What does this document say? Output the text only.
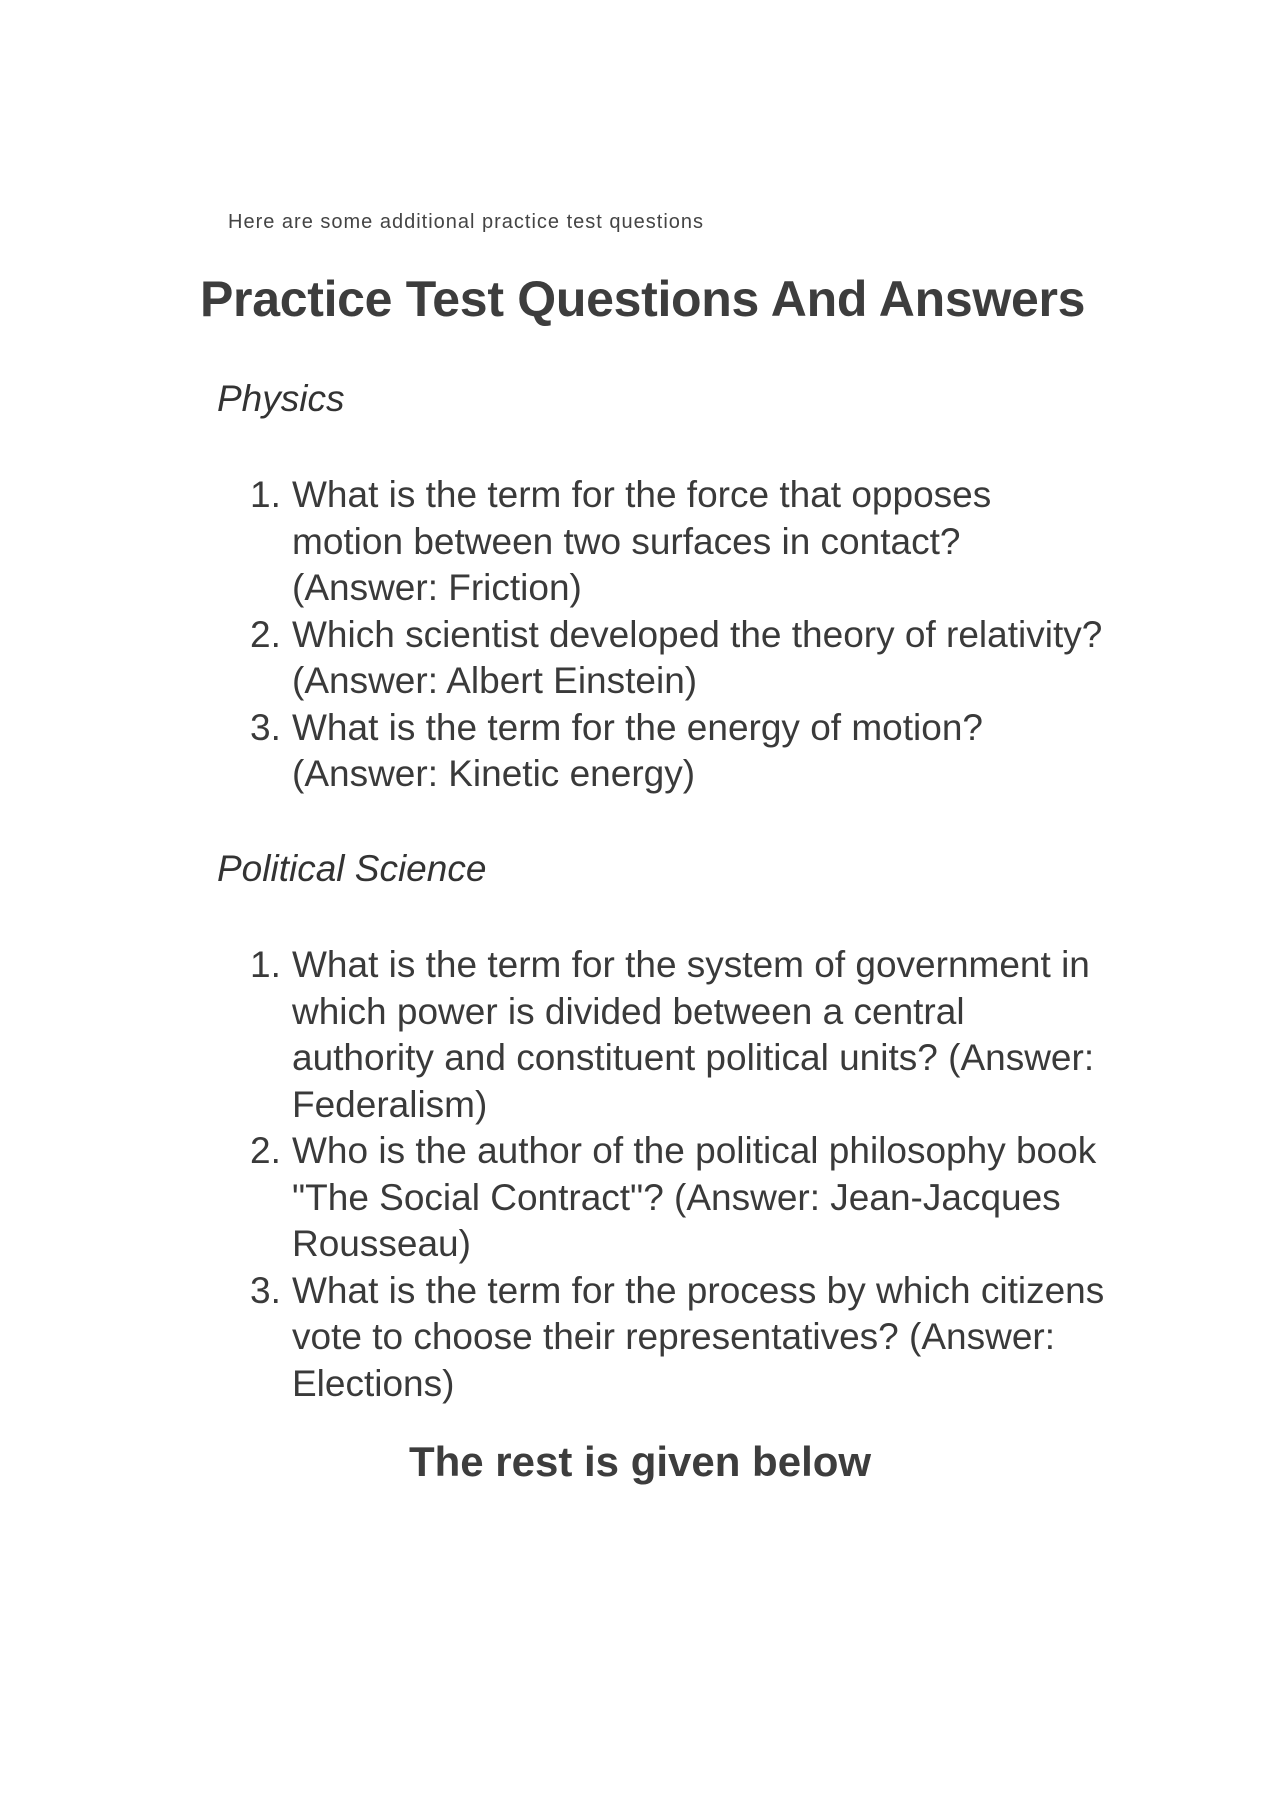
Here are some additional practice test questions
Practice Test Questions And Answers
Physics
1. What is the term for the force that opposes motion between two surfaces in contact? (Answer: Friction)
2. Which scientist developed the theory of relativity? (Answer: Albert Einstein)
3. What is the term for the energy of motion? (Answer: Kinetic energy)
Political Science
1. What is the term for the system of government in which power is divided between a central authority and constituent political units? (Answer: Federalism)
2. Who is the author of the political philosophy book "The Social Contract"? (Answer: Jean-Jacques Rousseau)
3. What is the term for the process by which citizens vote to choose their representatives? (Answer: Elections)

The rest is given below
